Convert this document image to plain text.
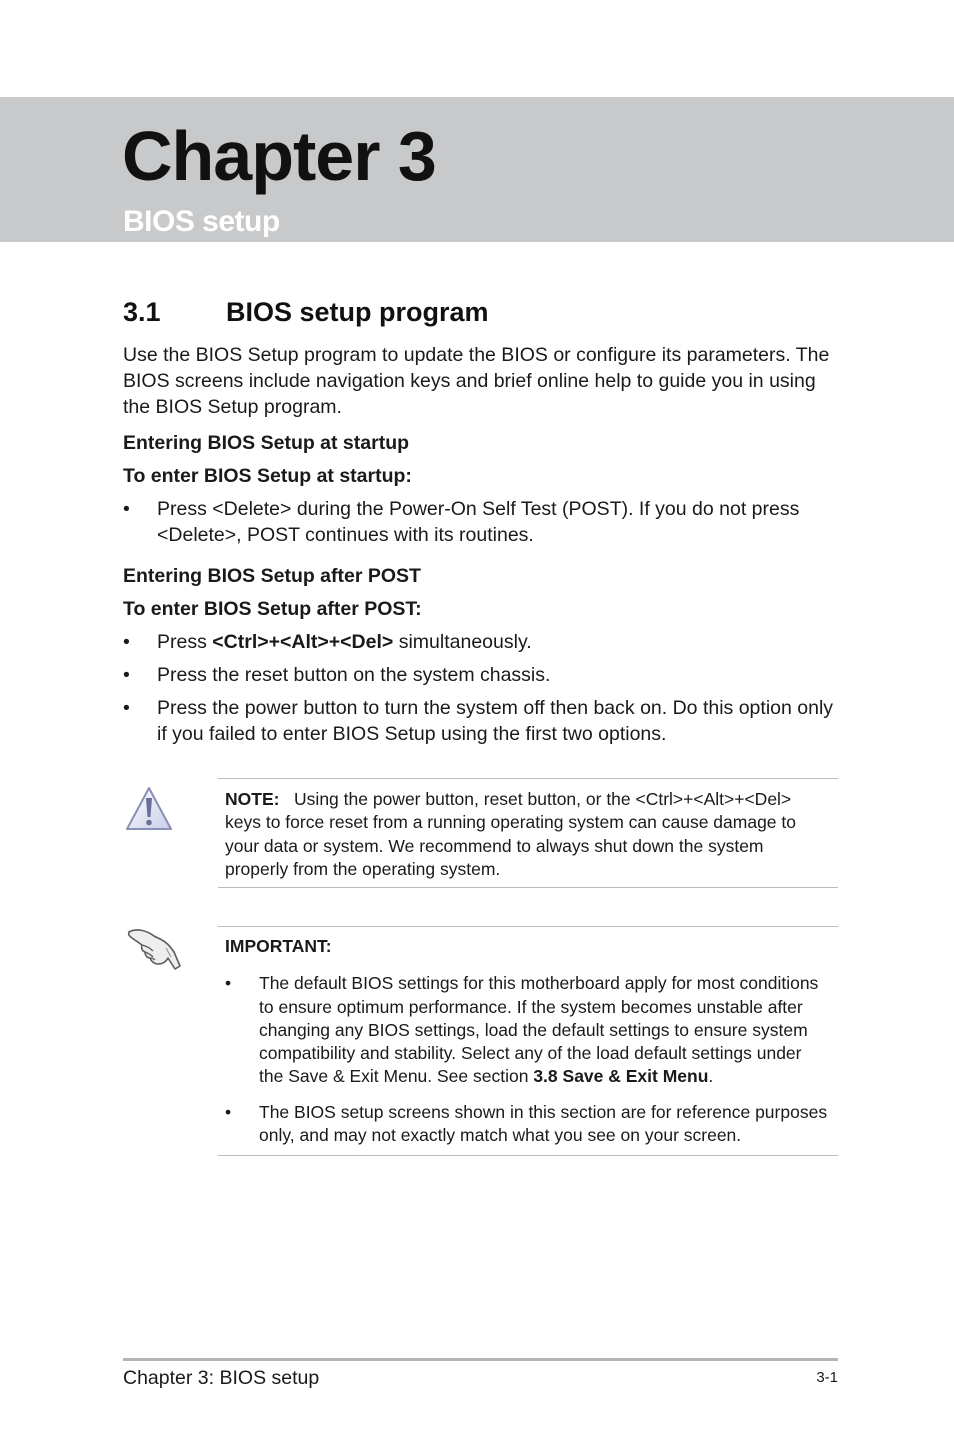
Chapter 3
BIOS setup
3.1	BIOS setup program

Use the BIOS Setup program to update the BIOS or configure its parameters. The BIOS screens include navigation keys and brief online help to guide you in using the BIOS Setup program.

Entering BIOS Setup at startup

To enter BIOS Setup at startup:

• Press <Delete> during the Power-On Self Test (POST). If you do not press <Delete>, POST continues with its routines.

Entering BIOS Setup after POST

To enter BIOS Setup after POST:

• Press <Ctrl>+<Alt>+<Del> simultaneously.
• Press the reset button on the system chassis.
• Press the power button to turn the system off then back on. Do this option only if you failed to enter BIOS Setup using the first two options.
NOTE: Using the power button, reset button, or the <Ctrl>+<Alt>+<Del> keys to force reset from a running operating system can cause damage to your data or system. We recommend to always shut down the system properly from the operating system.
IMPORTANT:
• The default BIOS settings for this motherboard apply for most conditions to ensure optimum performance. If the system becomes unstable after changing any BIOS settings, load the default settings to ensure system compatibility and stability. Select any of the load default settings under the Save & Exit Menu. See section 3.8 Save & Exit Menu.
• The BIOS setup screens shown in this section are for reference purposes only, and may not exactly match what you see on your screen.
Chapter 3: BIOS setup	3-1
